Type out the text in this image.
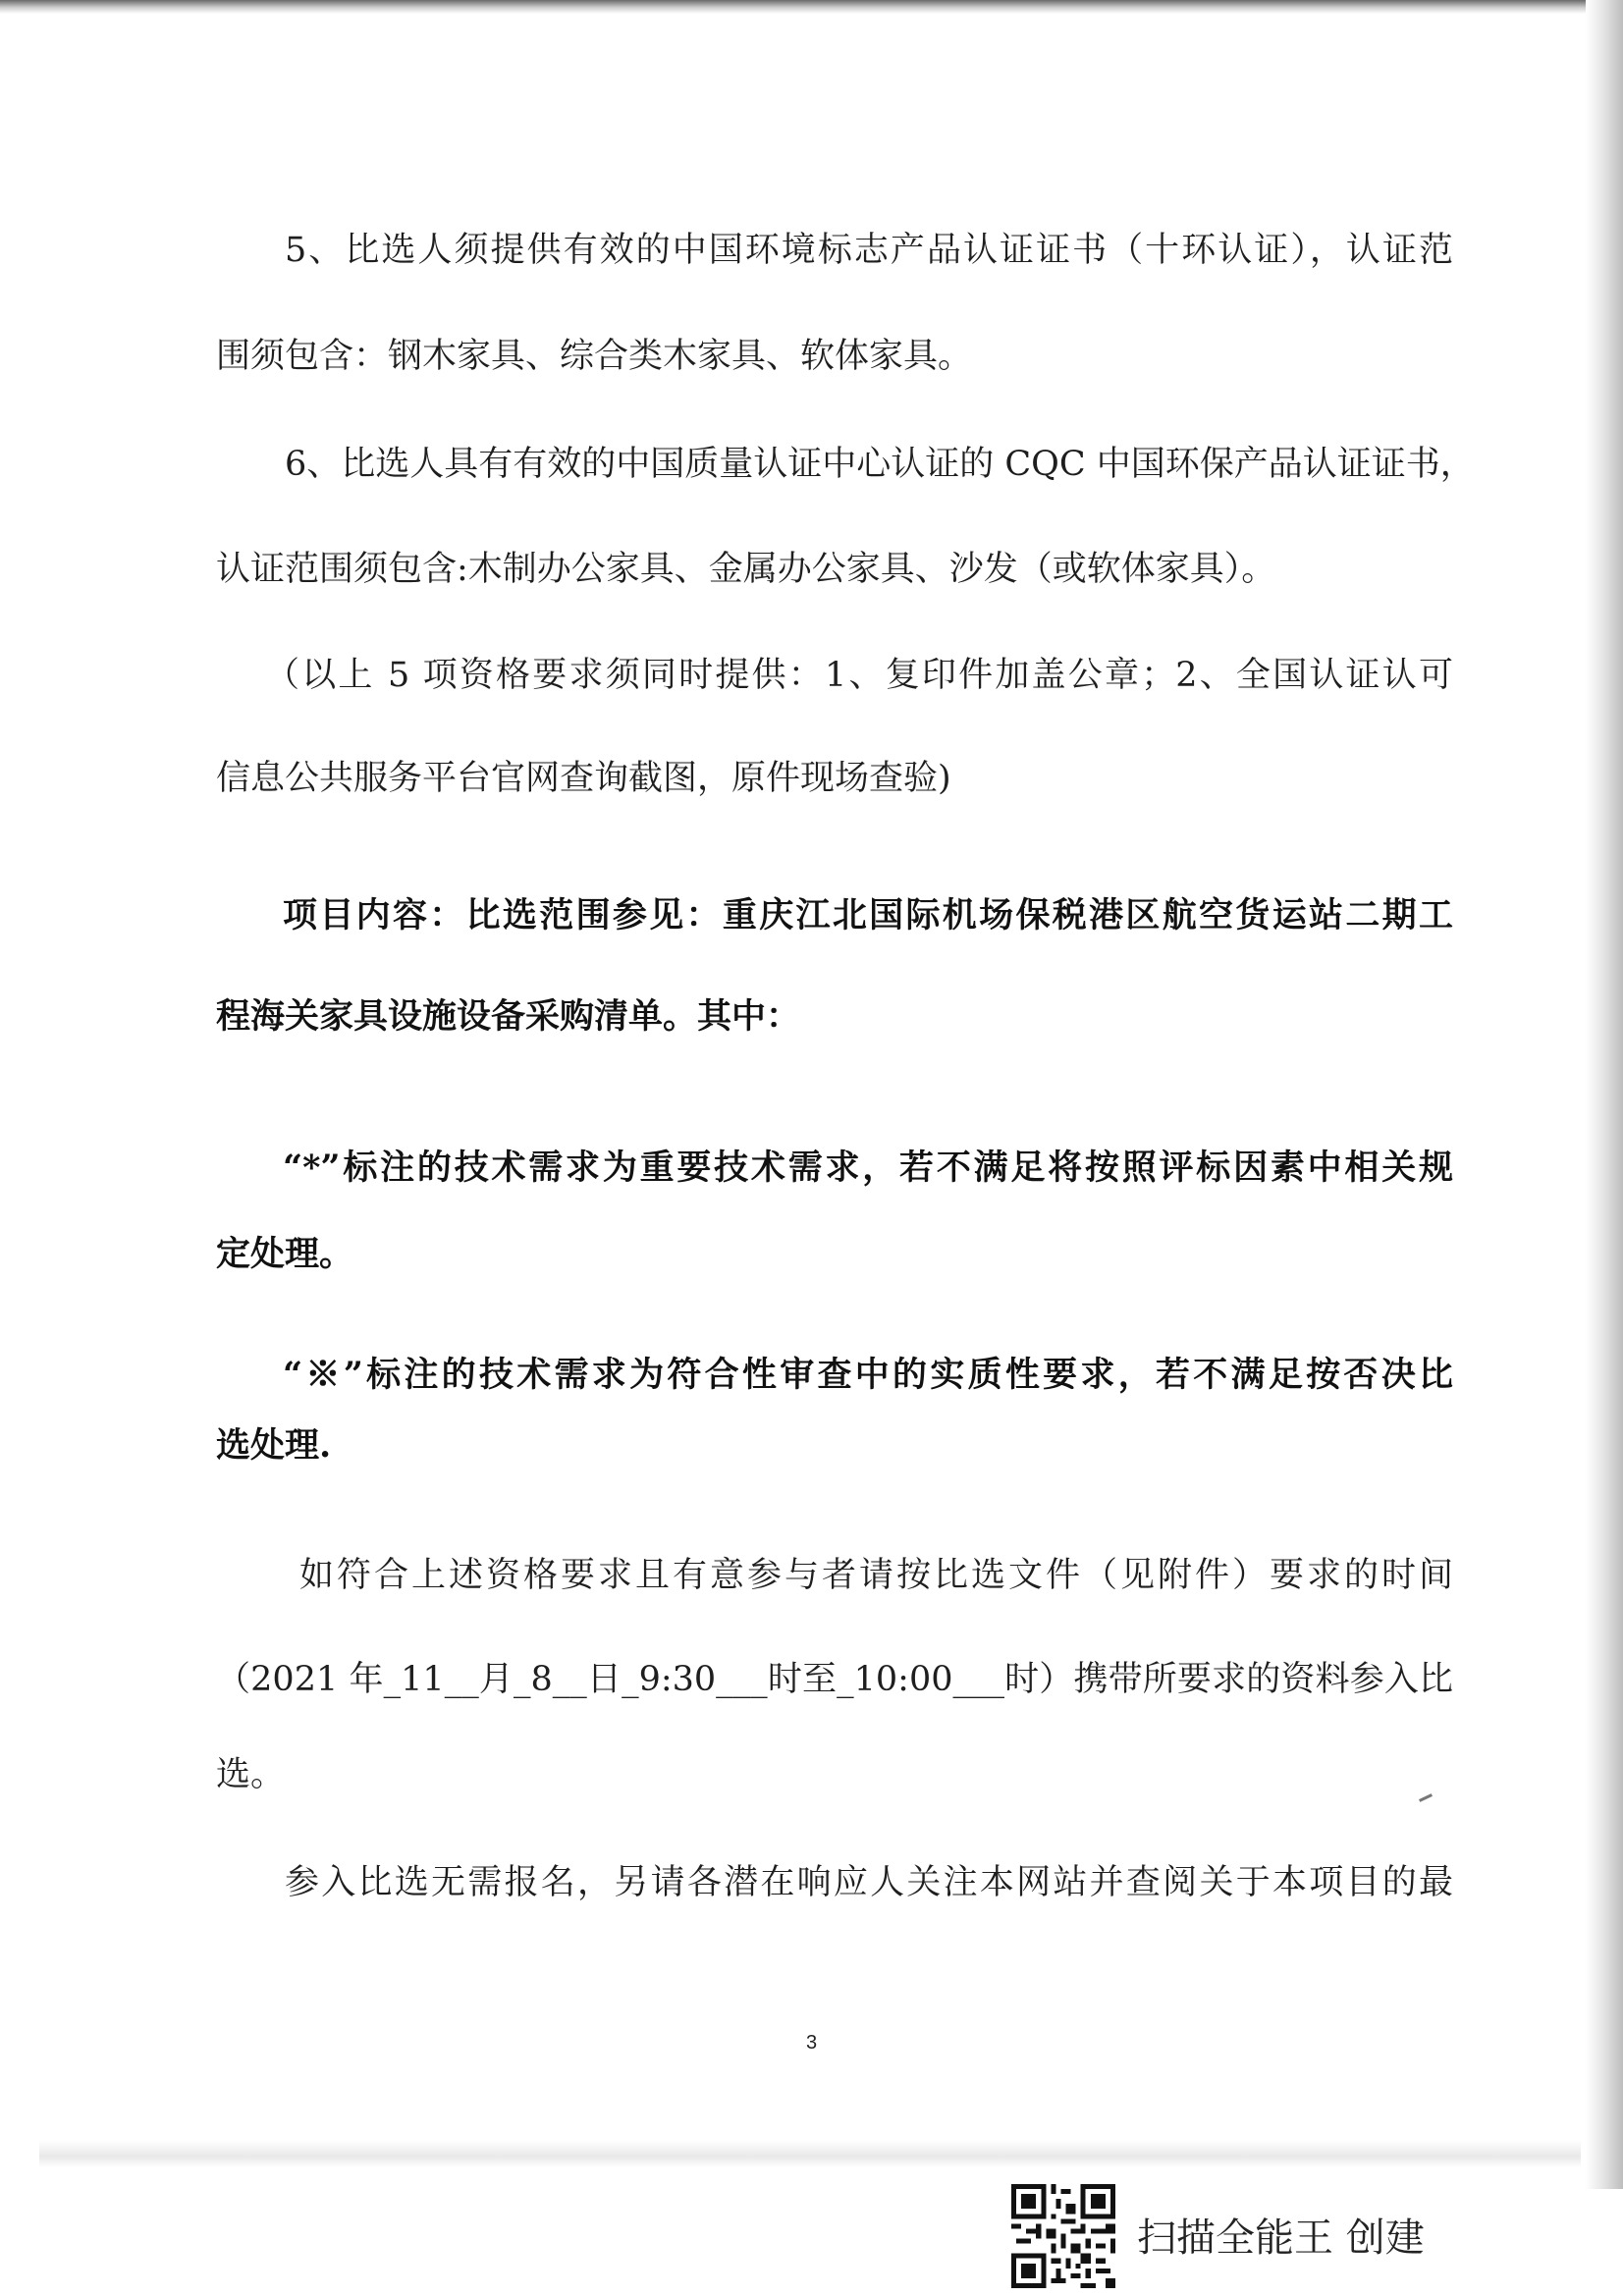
5、比选人须提供有效的中国环境标志产品认证证书（十环认证），认证范

围须包含：钢木家具、综合类木家具、软体家具。

6、比选人具有有效的中国质量认证中心认证的 CQC 中国环保产品认证证书，

认证范围须包含:木制办公家具、金属办公家具、沙发（或软体家具）。

（以上 5 项资格要求须同时提供：1、复印件加盖公章；2、全国认证认可

信息公共服务平台官网查询截图，原件现场查验)

项目内容：比选范围参见：重庆江北国际机场保税港区航空货运站二期工

程海关家具设施设备采购清单。其中：

“*”标注的技术需求为重要技术需求，若不满足将按照评标因素中相关规

定处理。

“※”标注的技术需求为符合性审查中的实质性要求，若不满足按否决比

选处理.

如符合上述资格要求且有意参与者请按比选文件（见附件）要求的时间

（2021 年_11__月_8__日_9:30___时至_10:00___时）携带所要求的资料参入比

选。

参入比选无需报名，另请各潜在响应人关注本网站并查阅关于本项目的最

3
扫描全能王 创建
